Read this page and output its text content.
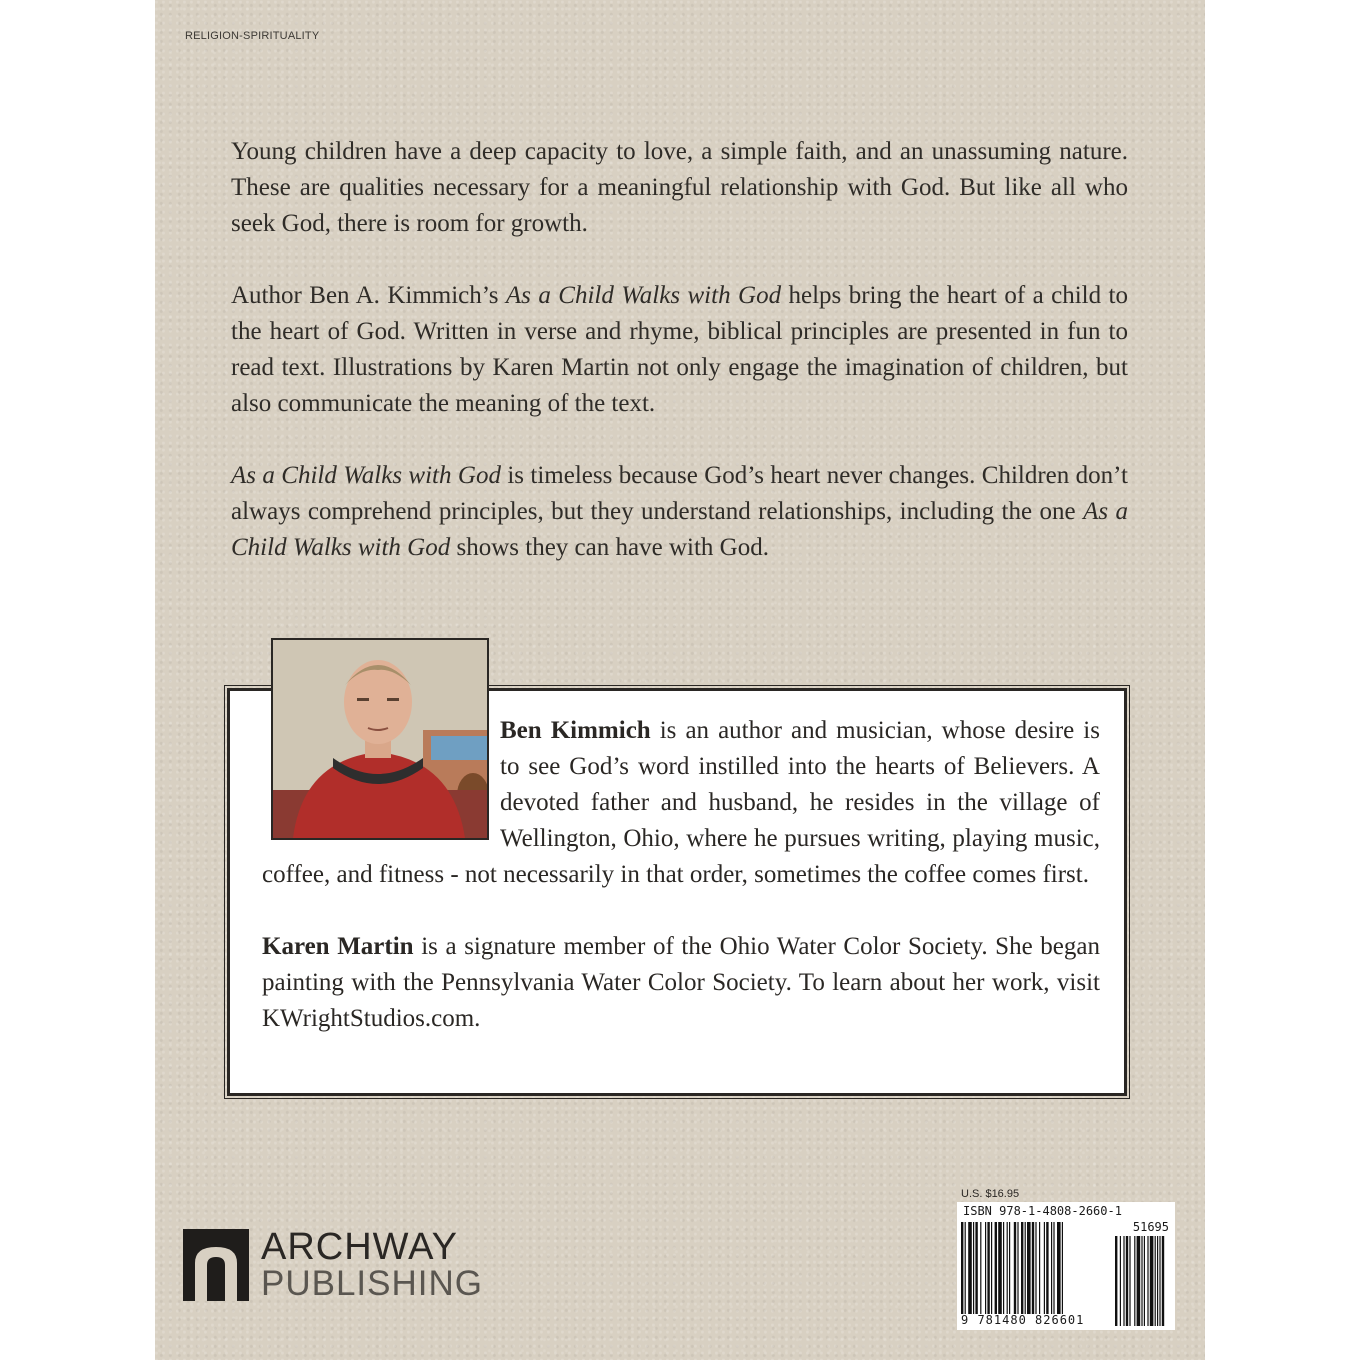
RELIGION-SPIRITUALITY

Young children have a deep capacity to love, a simple faith, and an unassuming nature. These are qualities necessary for a meaningful relationship with God. But like all who seek God, there is room for growth.

Author Ben A. Kimmich’s As a Child Walks with God helps bring the heart of a child to the heart of God. Written in verse and rhyme, biblical principles are presented in fun to read text. Illustrations by Karen Martin not only engage the imagination of children, but also communicate the meaning of the text.

As a Child Walks with God is timeless because God’s heart never changes. Children don’t always comprehend principles, but they understand relationships, including the one As a Child Walks with God shows they can have with God.

Ben Kimmich is an author and musician, whose desire is to see God’s word instilled into the hearts of Believers. A devoted father and husband, he resides in the village of Wellington, Ohio, where he pursues writing, playing music, coffee, and fitness - not necessarily in that order, sometimes the coffee comes first.

Karen Martin is a signature member of the Ohio Water Color Society. She began painting with the Pennsylvania Water Color Society. To learn about her work, visit KWrightStudios.com.

ARCHWAY
PUBLISHING
U.S. $16.95
ISBN 978-1-4808-2660-1
51695
9 781480 826601
